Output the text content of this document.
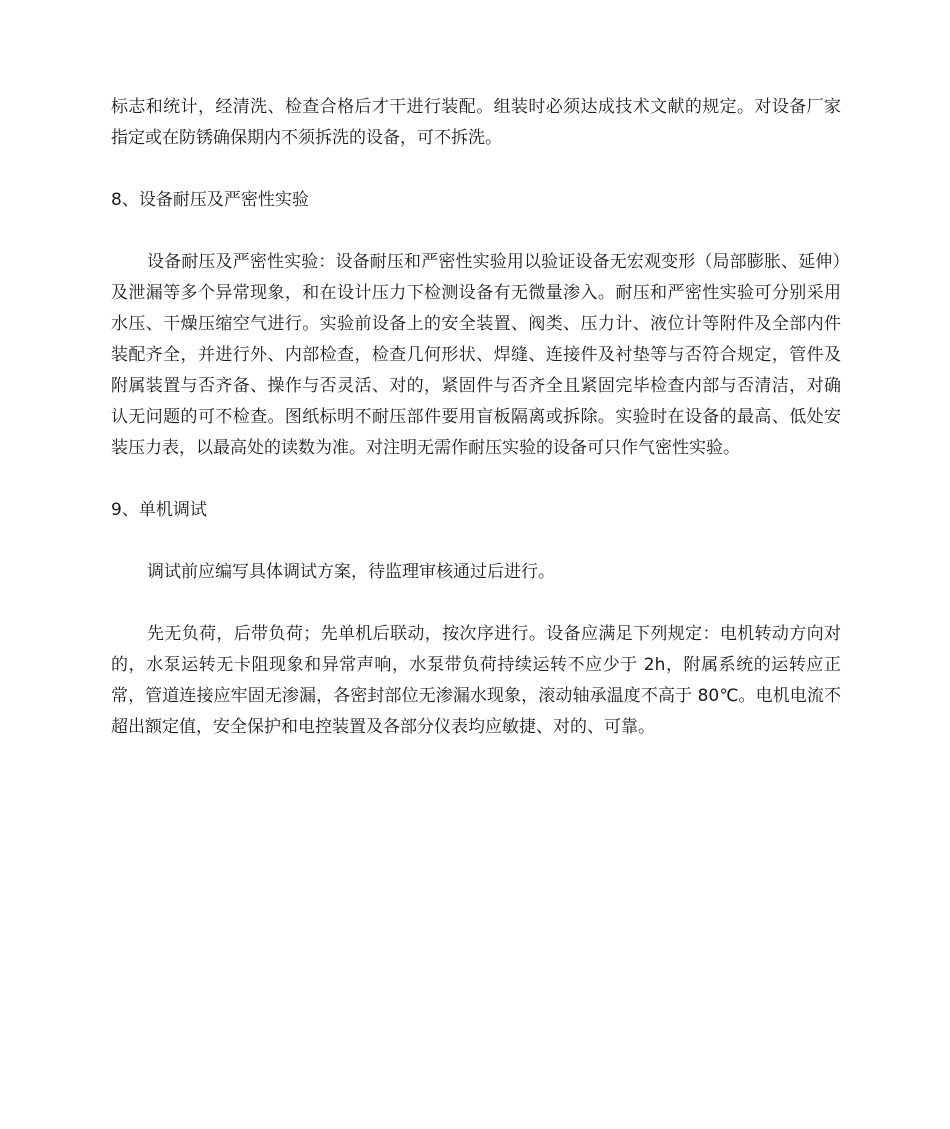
标志和统计，经清洗、检查合格后才干进行装配。组装时必须达成技术文献的规定。对设备厂家指定或在防锈确保期内不须拆洗的设备，可不拆洗。

8、设备耐压及严密性实验

设备耐压及严密性实验：设备耐压和严密性实验用以验证设备无宏观变形（局部膨胀、延伸）及泄漏等多个异常现象，和在设计压力下检测设备有无微量渗入。耐压和严密性实验可分别采用水压、干燥压缩空气进行。实验前设备上的安全装置、阀类、压力计、液位计等附件及全部内件装配齐全，并进行外、内部检查，检查几何形状、焊缝、连接件及衬垫等与否符合规定，管件及附属装置与否齐备、操作与否灵活、对的，紧固件与否齐全且紧固完毕检查内部与否清洁，对确认无问题的可不检查。图纸标明不耐压部件要用盲板隔离或拆除。实验时在设备的最高、低处安装压力表，以最高处的读数为准。对注明无需作耐压实验的设备可只作气密性实验。

9、单机调试

调试前应编写具体调试方案，待监理审核通过后进行。

先无负荷，后带负荷；先单机后联动，按次序进行。设备应满足下列规定：电机转动方向对的，水泵运转无卡阻现象和异常声响，水泵带负荷持续运转不应少于 2h，附属系统的运转应正常，管道连接应牢固无渗漏，各密封部位无渗漏水现象，滚动轴承温度不高于 80℃。电机电流不超出额定值，安全保护和电控装置及各部分仪表均应敏捷、对的、可靠。
